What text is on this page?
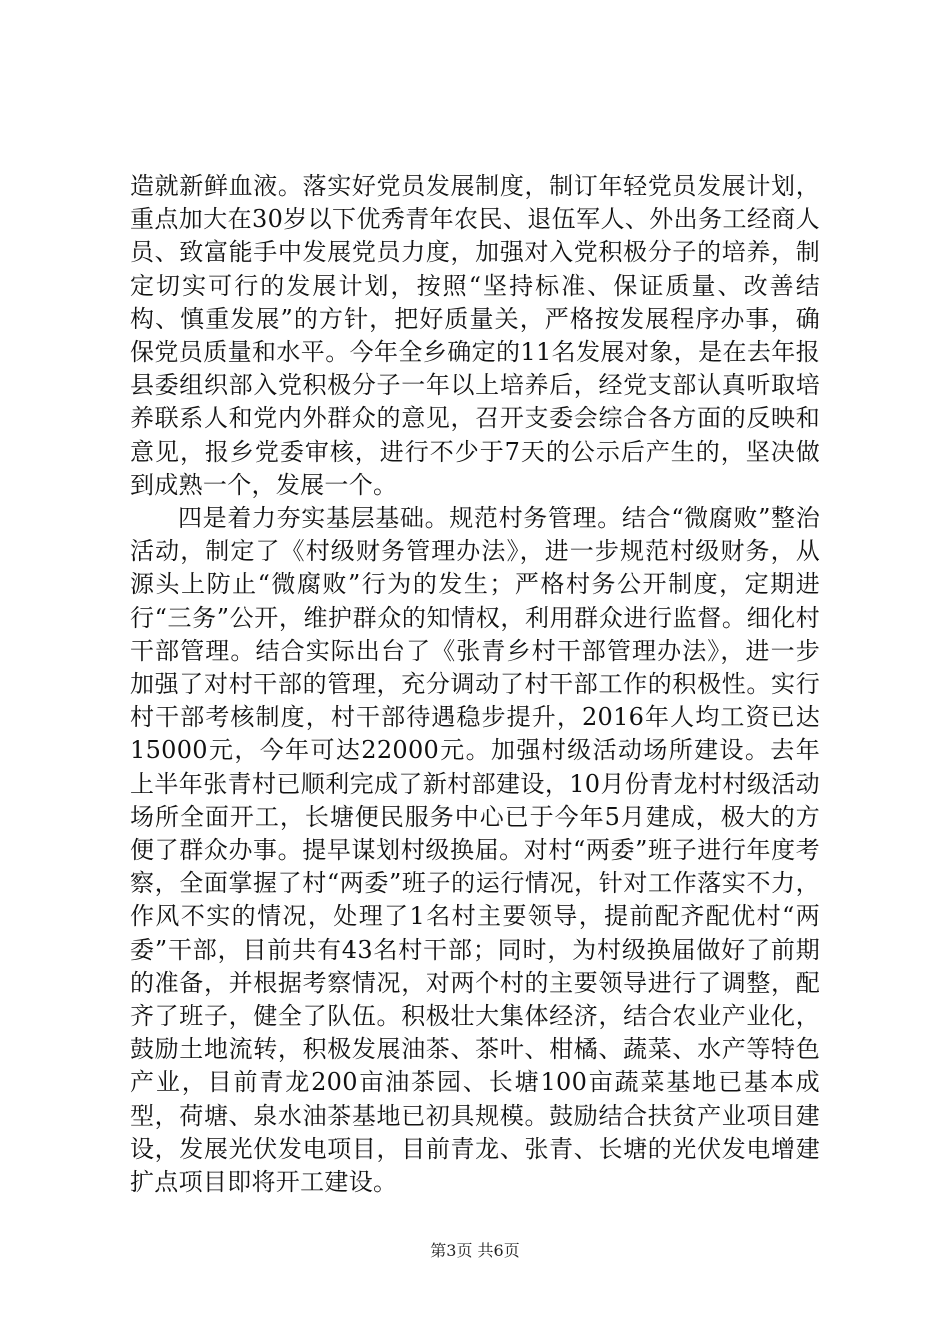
造就新鲜血液。落实好党员发展制度，制订年轻党员发展计划，重点加大在30岁以下优秀青年农民、退伍军人、外出务工经商人员、致富能手中发展党员力度，加强对入党积极分子的培养，制定切实可行的发展计划，按照“坚持标准、保证质量、改善结构、慎重发展”的方针，把好质量关，严格按发展程序办事，确保党员质量和水平。今年全乡确定的11名发展对象，是在去年报县委组织部入党积极分子一年以上培养后，经党支部认真听取培养联系人和党内外群众的意见，召开支委会综合各方面的反映和意见，报乡党委审核，进行不少于7天的公示后产生的，坚决做到成熟一个，发展一个。

四是着力夯实基层基础。规范村务管理。结合“微腐败”整治活动，制定了《村级财务管理办法》，进一步规范村级财务，从源头上防止“微腐败”行为的发生；严格村务公开制度，定期进行“三务”公开，维护群众的知情权，利用群众进行监督。细化村干部管理。结合实际出台了《张青乡村干部管理办法》，进一步加强了对村干部的管理，充分调动了村干部工作的积极性。实行村干部考核制度，村干部待遇稳步提升，2016年人均工资已达15000元，今年可达22000元。加强村级活动场所建设。去年上半年张青村已顺利完成了新村部建设，10月份青龙村村级活动场所全面开工，长塘便民服务中心已于今年5月建成，极大的方便了群众办事。提早谋划村级换届。对村“两委”班子进行年度考察，全面掌握了村“两委”班子的运行情况，针对工作落实不力，作风不实的情况，处理了1名村主要领导，提前配齐配优村“两委”干部，目前共有43名村干部；同时，为村级换届做好了前期的准备，并根据考察情况，对两个村的主要领导进行了调整，配齐了班子，健全了队伍。积极壮大集体经济，结合农业产业化，鼓励土地流转，积极发展油茶、茶叶、柑橘、蔬菜、水产等特色产业，目前青龙200亩油茶园、长塘100亩蔬菜基地已基本成型，荷塘、泉水油茶基地已初具规模。鼓励结合扶贫产业项目建设，发展光伏发电项目，目前青龙、张青、长塘的光伏发电增建扩点项目即将开工建设。

第3页 共6页
